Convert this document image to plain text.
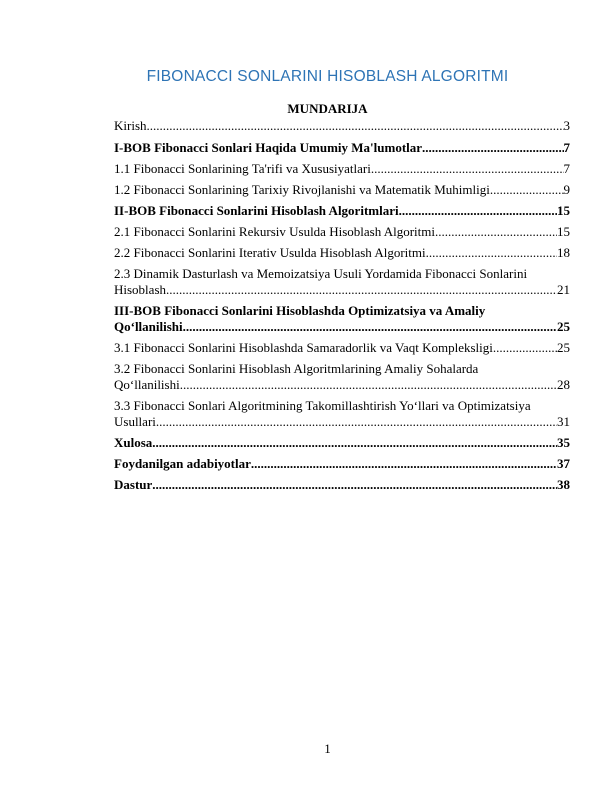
FIBONACCI SONLARINI HISOBLASH ALGORITMI
MUNDARIJA
Kirish .....	3
I-BOB Fibonacci Sonlari Haqida Umumiy Ma'lumotlar .....	7
1.1 Fibonacci Sonlarining Ta'rifi va Xususiyatlari .....	7
1.2 Fibonacci Sonlarining Tarixiy Rivojlanishi va Matematik Muhimligi .....	9
II-BOB Fibonacci Sonlarini Hisoblash Algoritmlari .....	15
2.1 Fibonacci Sonlarini Rekursiv Usulda Hisoblash Algoritmi .....	15
2.2 Fibonacci Sonlarini Iterativ Usulda Hisoblash Algoritmi .....	18
2.3 Dinamik Dasturlash va Memoizatsiya Usuli Yordamida Fibonacci Sonlarini
Hisoblash .....	21
III-BOB Fibonacci Sonlarini Hisoblashda Optimizatsiya va Amaliy
Qo‘llanilishi .....	25
3.1 Fibonacci Sonlarini Hisoblashda Samaradorlik va Vaqt Kompleksligi .....	25
3.2 Fibonacci Sonlarini Hisoblash Algoritmlarining Amaliy Sohalarda
Qo‘llanilishi .....	28
3.3 Fibonacci Sonlari Algoritmining Takomillashtirish Yo‘llari va Optimizatsiya
Usullari .....	31
Xulosa .....	35
Foydanilgan adabiyotlar .....	37
Dastur .....	38
1
